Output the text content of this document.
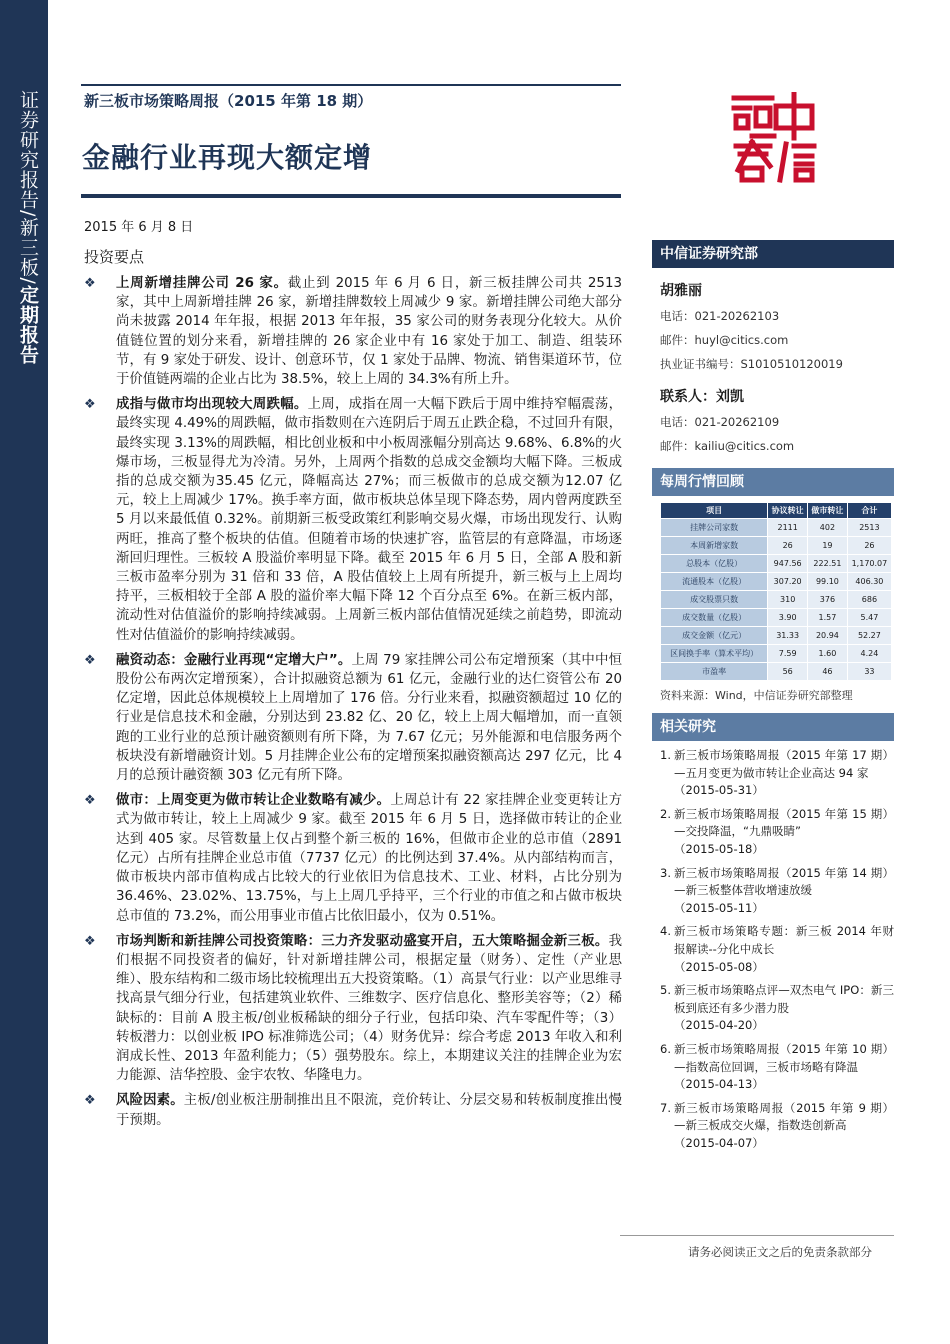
证券研究报告/新三板/定期报告
新三板市场策略周报（2015 年第 18 期）
金融行业再现大额定增
2015 年 6 月 8 日
投资要点
❖ 上周新增挂牌公司 26 家。截止到 2015 年 6 月 6 日，新三板挂牌公司共 2513 家，其中上周新增挂牌 26 家，新增挂牌数较上周减少 9 家。新增挂牌公司绝大部分尚未披露 2014 年年报，根据 2013 年年报，35 家公司的财务表现分化较大。从价值链位置的划分来看，新增挂牌的 26 家企业中有 16 家处于加工、制造、组装环节，有 9 家处于研发、设计、创意环节，仅 1 家处于品牌、物流、销售渠道环节，位于价值链两端的企业占比为 38.5%，较上上周的 34.3%有所上升。
❖ 成指与做市均出现较大周跌幅。上周，成指在周一大幅下跌后于周中维持窄幅震荡，最终实现 4.49%的周跌幅，做市指数则在六连阴后于周五止跌企稳，不过回升有限，最终实现 3.13%的周跌幅，相比创业板和中小板周涨幅分别高达 9.68%、6.8%的火爆市场，三板显得尤为冷清。另外，上周两个指数的总成交金额均大幅下降。三板成指的总成交额为35.45 亿元，降幅高达 27%；而三板做市的总成交额为12.07 亿元，较上上周减少 17%。换手率方面，做市板块总体呈现下降态势，周内曾两度跌至 5 月以来最低值 0.32%。前期新三板受政策红利影响交易火爆，市场出现发行、认购两旺，推高了整个板块的估值。但随着市场的快速扩容，监管层的有意降温，市场逐渐回归理性。三板较 A 股溢价率明显下降。截至 2015 年 6 月 5 日，全部 A 股和新三板市盈率分别为 31 倍和 33 倍，A 股估值较上上周有所提升，新三板与上上周均持平，三板相较于全部 A 股的溢价率大幅下降 12 个百分点至 6%。在新三板内部，流动性对估值溢价的影响持续减弱。上周新三板内部估值情况延续之前趋势，即流动性对估值溢价的影响持续减弱。
❖ 融资动态：金融行业再现“定增大户”。上周 79 家挂牌公司公布定增预案（其中中恒股份公布两次定增预案），合计拟融资总额为 61 亿元，金融行业的达仁资管公布 20 亿定增，因此总体规模较上上周增加了 176 倍。分行业来看，拟融资额超过 10 亿的行业是信息技术和金融，分别达到 23.82 亿、20 亿，较上上周大幅增加，而一直领跑的工业行业的总预计融资额则有所下降，为 7.67 亿元；另外能源和电信服务两个板块没有新增融资计划。5 月挂牌企业公布的定增预案拟融资额高达 297 亿元，比 4 月的总预计融资额 303 亿元有所下降。
❖ 做市：上周变更为做市转让企业数略有减少。上周总计有 22 家挂牌企业变更转让方式为做市转让，较上上周减少 9 家。截至 2015 年 6 月 5 日，选择做市转让的企业达到 405 家。尽管数量上仅占到整个新三板的 16%，但做市企业的总市值（2891 亿元）占所有挂牌企业总市值（7737 亿元）的比例达到 37.4%。从内部结构而言，做市板块内部市值构成占比较大的行业依旧为信息技术、工业、材料，占比分别为 36.46%、23.02%、13.75%，与上上周几乎持平，三个行业的市值之和占做市板块总市值的 73.2%，而公用事业市值占比依旧最小，仅为 0.51%。
❖ 市场判断和新挂牌公司投资策略：三力齐发驱动盛宴开启，五大策略掘金新三板。我们根据不同投资者的偏好，针对新增挂牌公司，根据定量（财务）、定性（产业思维）、股东结构和二级市场比较梳理出五大投资策略。（1）高景气行业：以产业思维寻找高景气细分行业，包括建筑业软件、三维数字、医疗信息化、整形美容等；（2）稀缺标的：目前 A 股主板/创业板稀缺的细分子行业，包括印染、汽车零配件等；（3）转板潜力：以创业板 IPO 标准筛选公司；（4）财务优异：综合考虑 2013 年收入和利润成长性、2013 年盈利能力；（5）强势股东。综上，本期建议关注的挂牌企业为宏力能源、洁华控股、金宇农牧、华隆电力。
❖ 风险因素。主板/创业板注册制推出且不限流，竞价转让、分层交易和转板制度推出慢于预期。
中信证券研究部
胡雅丽
电话：021-20262103
邮件：huyl@citics.com
执业证书编号：S1010510120019
联系人：刘凯
电话：021-20262109
邮件：kailiu@citics.com
每周行情回顾
项目	协议转让	做市转让	合计
挂牌公司家数	2111	402	2513
本周新增家数	26	19	26
总股本（亿股）	947.56	222.51	1,170.07
流通股本（亿股）	307.20	99.10	406.30
成交股票只数	310	376	686
成交数量（亿股）	3.90	1.57	5.47
成交金额（亿元）	31.33	20.94	52.27
区间换手率（算术平均）	7.59	1.60	4.24
市盈率	56	46	33
资料来源：Wind，中信证券研究部整理
相关研究
1. 新三板市场策略周报（2015 年第 17 期）—五月变更为做市转让企业高达 94 家
（2015-05-31）
2. 新三板市场策略周报（2015 年第 15 期）—交投降温，“九鼎吸睛”
（2015-05-18）
3. 新三板市场策略周报（2015 年第 14 期）—新三板整体营收增速放缓
（2015-05-11）
4. 新三板市场策略专题：新三板 2014 年财报解读--分化中成长
（2015-05-08）
5. 新三板市场策略点评—双杰电气 IPO：新三板到底还有多少潜力股
（2015-04-20）
6. 新三板市场策略周报（2015 年第 10 期）—指数高位回调，三板市场略有降温
（2015-04-13）
7. 新三板市场策略周报（2015 年第 9 期）—新三板成交火爆，指数迭创新高
（2015-04-07）
请务必阅读正文之后的免责条款部分
